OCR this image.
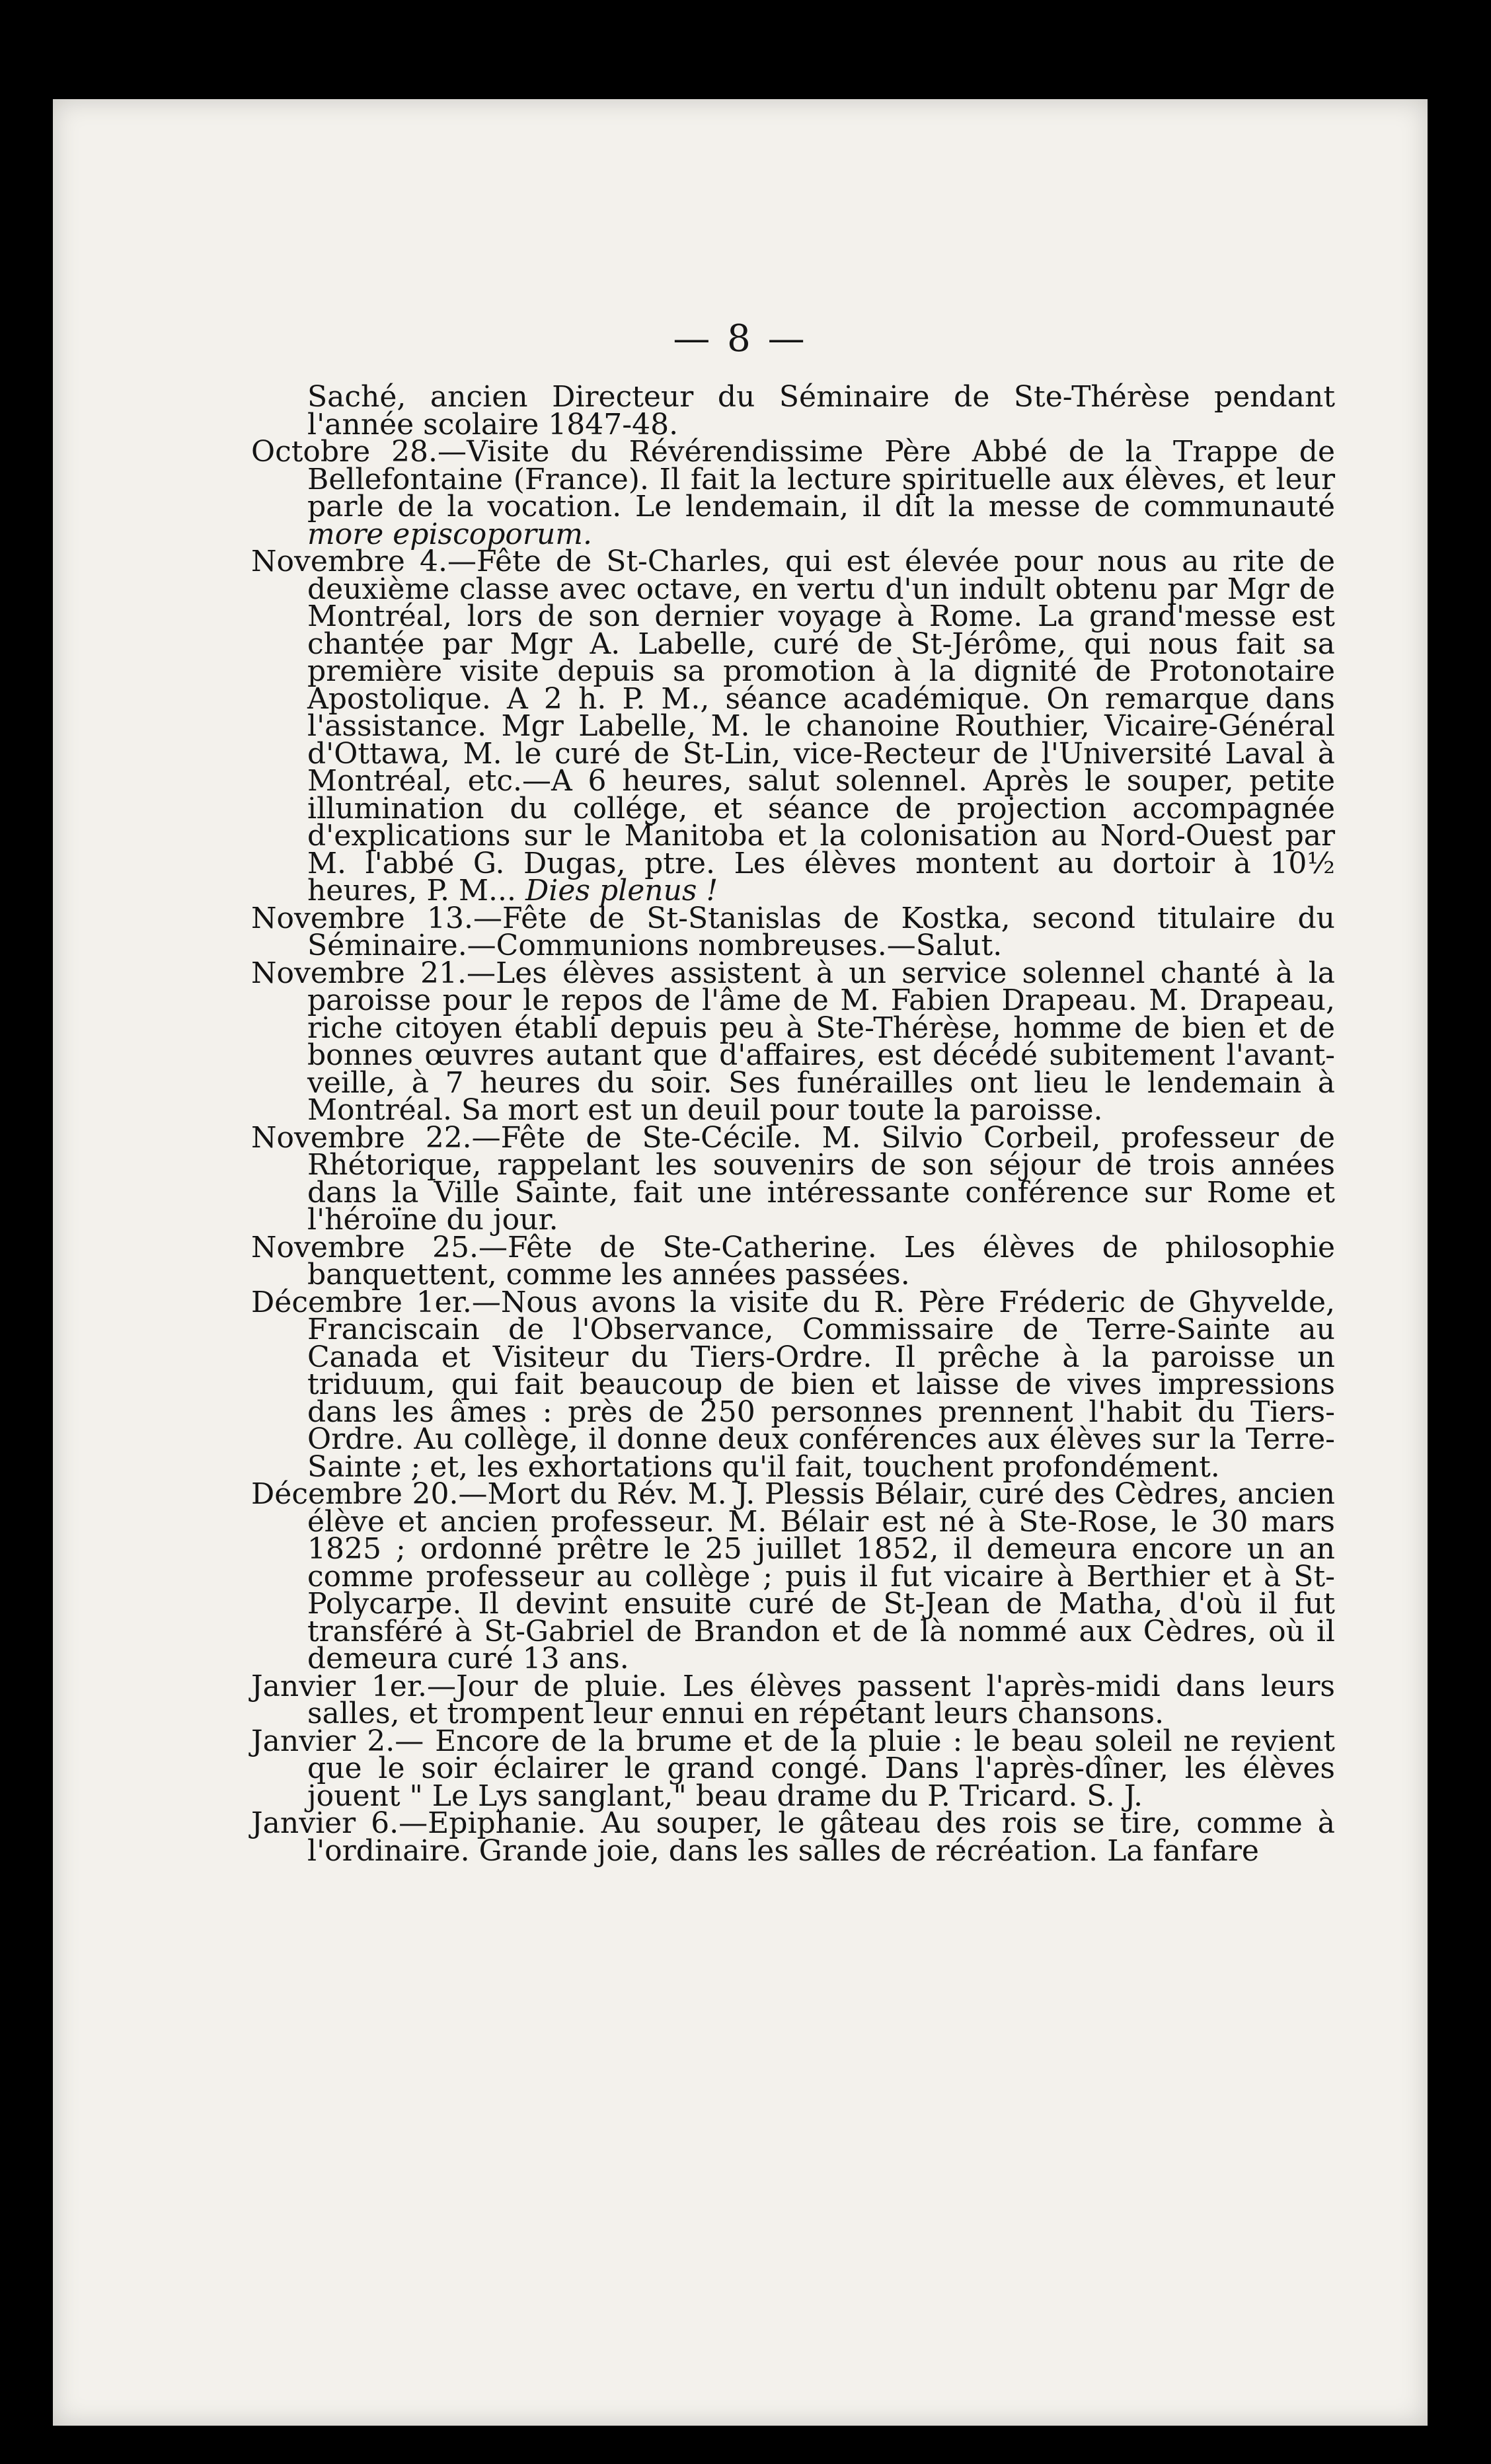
— 8 —

Saché, ancien Directeur du Séminaire de Ste-Thérèse pendant l'année scolaire 1847-48.

Octobre 28.—Visite du Révérendissime Père Abbé de la Trappe de Bellefontaine (France). Il fait la lecture spirituelle aux élèves, et leur parle de la vocation. Le lendemain, il dit la messe de communauté more episcoporum.

Novembre 4.—Fête de St-Charles, qui est élevée pour nous au rite de deuxième classe avec octave, en vertu d'un indult obtenu par Mgr de Montréal, lors de son dernier voyage à Rome. La grand'messe est chantée par Mgr A. Labelle, curé de St-Jérôme, qui nous fait sa première visite depuis sa promotion à la dignité de Protonotaire Apostolique. A 2 h. P. M., séance académique. On remarque dans l'assistance. Mgr Labelle, M. le chanoine Routhier, Vicaire-Général d'Ottawa, M. le curé de St-Lin, vice-Recteur de l'Université Laval à Montréal, etc.—A 6 heures, salut solennel. Après le souper, petite illumination du collége, et séance de projection accompagnée d'explications sur le Manitoba et la colonisation au Nord-Ouest par M. l'abbé G. Dugas, ptre. Les élèves montent au dortoir à 10½ heures, P. M... Dies plenus !

Novembre 13.—Fête de St-Stanislas de Kostka, second titulaire du Séminaire.—Communions nombreuses.—Salut.

Novembre 21.—Les élèves assistent à un service solennel chanté à la paroisse pour le repos de l'âme de M. Fabien Drapeau. M. Drapeau, riche citoyen établi depuis peu à Ste-Thérèse, homme de bien et de bonnes œuvres autant que d'affaires, est décédé subitement l'avant-veille, à 7 heures du soir. Ses funérailles ont lieu le lendemain à Montréal. Sa mort est un deuil pour toute la paroisse.

Novembre 22.—Fête de Ste-Cécile. M. Silvio Corbeil, professeur de Rhétorique, rappelant les souvenirs de son séjour de trois années dans la Ville Sainte, fait une intéressante conférence sur Rome et l'héroïne du jour.

Novembre 25.—Fête de Ste-Catherine. Les élèves de philosophie banquettent, comme les années passées.

Décembre 1er.—Nous avons la visite du R. Père Fréderic de Ghyvelde, Franciscain de l'Observance, Commissaire de Terre-Sainte au Canada et Visiteur du Tiers-Ordre. Il prêche à la paroisse un triduum, qui fait beaucoup de bien et laisse de vives impressions dans les âmes : près de 250 personnes prennent l'habit du Tiers-Ordre. Au collège, il donne deux conférences aux élèves sur la Terre-Sainte ; et, les exhortations qu'il fait, touchent profondément.

Décembre 20.—Mort du Rév. M. J. Plessis Bélair, curé des Cèdres, ancien élève et ancien professeur. M. Bélair est né à Ste-Rose, le 30 mars 1825 ; ordonné prêtre le 25 juillet 1852, il demeura encore un an comme professeur au collège ; puis il fut vicaire à Berthier et à St-Polycarpe. Il devint ensuite curé de St-Jean de Matha, d'où il fut transféré à St-Gabriel de Brandon et de là nommé aux Cèdres, où il demeura curé 13 ans.

Janvier 1er.—Jour de pluie. Les élèves passent l'après-midi dans leurs salles, et trompent leur ennui en répétant leurs chansons.

Janvier 2.— Encore de la brume et de la pluie : le beau soleil ne revient que le soir éclairer le grand congé. Dans l'après-dîner, les élèves jouent " Le Lys sanglant," beau drame du P. Tricard. S. J.

Janvier 6.—Epiphanie. Au souper, le gâteau des rois se tire, comme à l'ordinaire. Grande joie, dans les salles de récréation. La fanfare
